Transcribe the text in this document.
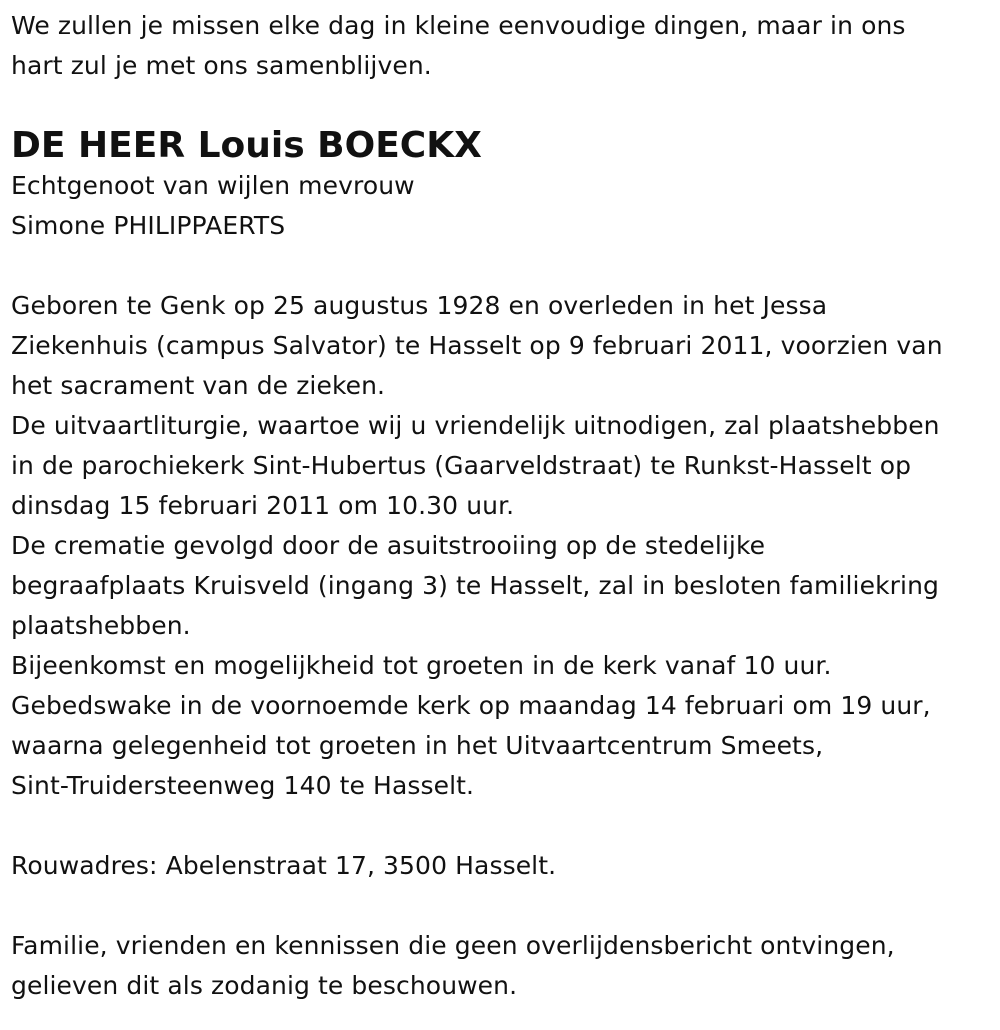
We zullen je missen elke dag in kleine eenvoudige dingen, maar in ons
hart zul je met ons samenblijven.
DE HEER Louis BOECKX
Echtgenoot van wijlen mevrouw
Simone PHILIPPAERTS
Geboren te Genk op 25 augustus 1928 en overleden in het Jessa
Ziekenhuis (campus Salvator) te Hasselt op 9 februari 2011, voorzien van
het sacrament van de zieken.
De uitvaartliturgie, waartoe wij u vriendelijk uitnodigen, zal plaatshebben
in de parochiekerk Sint-Hubertus (Gaarveldstraat) te Runkst-Hasselt op
dinsdag 15 februari 2011 om 10.30 uur.
De crematie gevolgd door de asuitstrooiing op de stedelijke
begraafplaats Kruisveld (ingang 3) te Hasselt, zal in besloten familiekring
plaatshebben.
Bijeenkomst en mogelijkheid tot groeten in de kerk vanaf 10 uur.
Gebedswake in de voornoemde kerk op maandag 14 februari om 19 uur,
waarna gelegenheid tot groeten in het Uitvaartcentrum Smeets,
Sint-Truidersteenweg 140 te Hasselt.
Rouwadres: Abelenstraat 17, 3500 Hasselt.
Familie, vrienden en kennissen die geen overlijdensbericht ontvingen,
gelieven dit als zodanig te beschouwen.
